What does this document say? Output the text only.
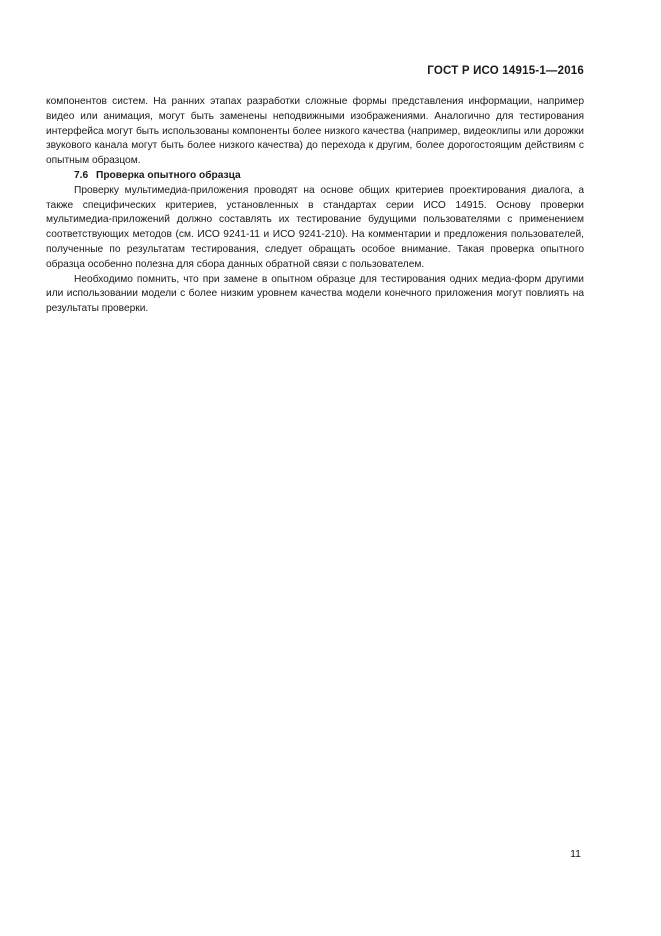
ГОСТ Р ИСО 14915-1—2016

компонентов систем. На ранних этапах разработки сложные формы представления информации, например видео или анимация, могут быть заменены неподвижными изображениями. Аналогично для тестирования интерфейса могут быть использованы компоненты более низкого качества (например, видеоклипы или дорожки звукового канала могут быть более низкого качества) до перехода к другим, более дорогостоящим действиям с опытным образцом.

7.6 Проверка опытного образца

Проверку мультимедиа-приложения проводят на основе общих критериев проектирования диалога, а также специфических критериев, установленных в стандартах серии ИСО 14915. Основу проверки мультимедиа-приложений должно составлять их тестирование будущими пользователями с применением соответствующих методов (см. ИСО 9241-11 и ИСО 9241-210). На комментарии и предложения пользователей, полученные по результатам тестирования, следует обращать особое внимание. Такая проверка опытного образца особенно полезна для сбора данных обратной связи с пользователем.

Необходимо помнить, что при замене в опытном образце для тестирования одних медиа-форм другими или использовании модели с более низким уровнем качества модели конечного приложения могут повлиять на результаты проверки.

11
